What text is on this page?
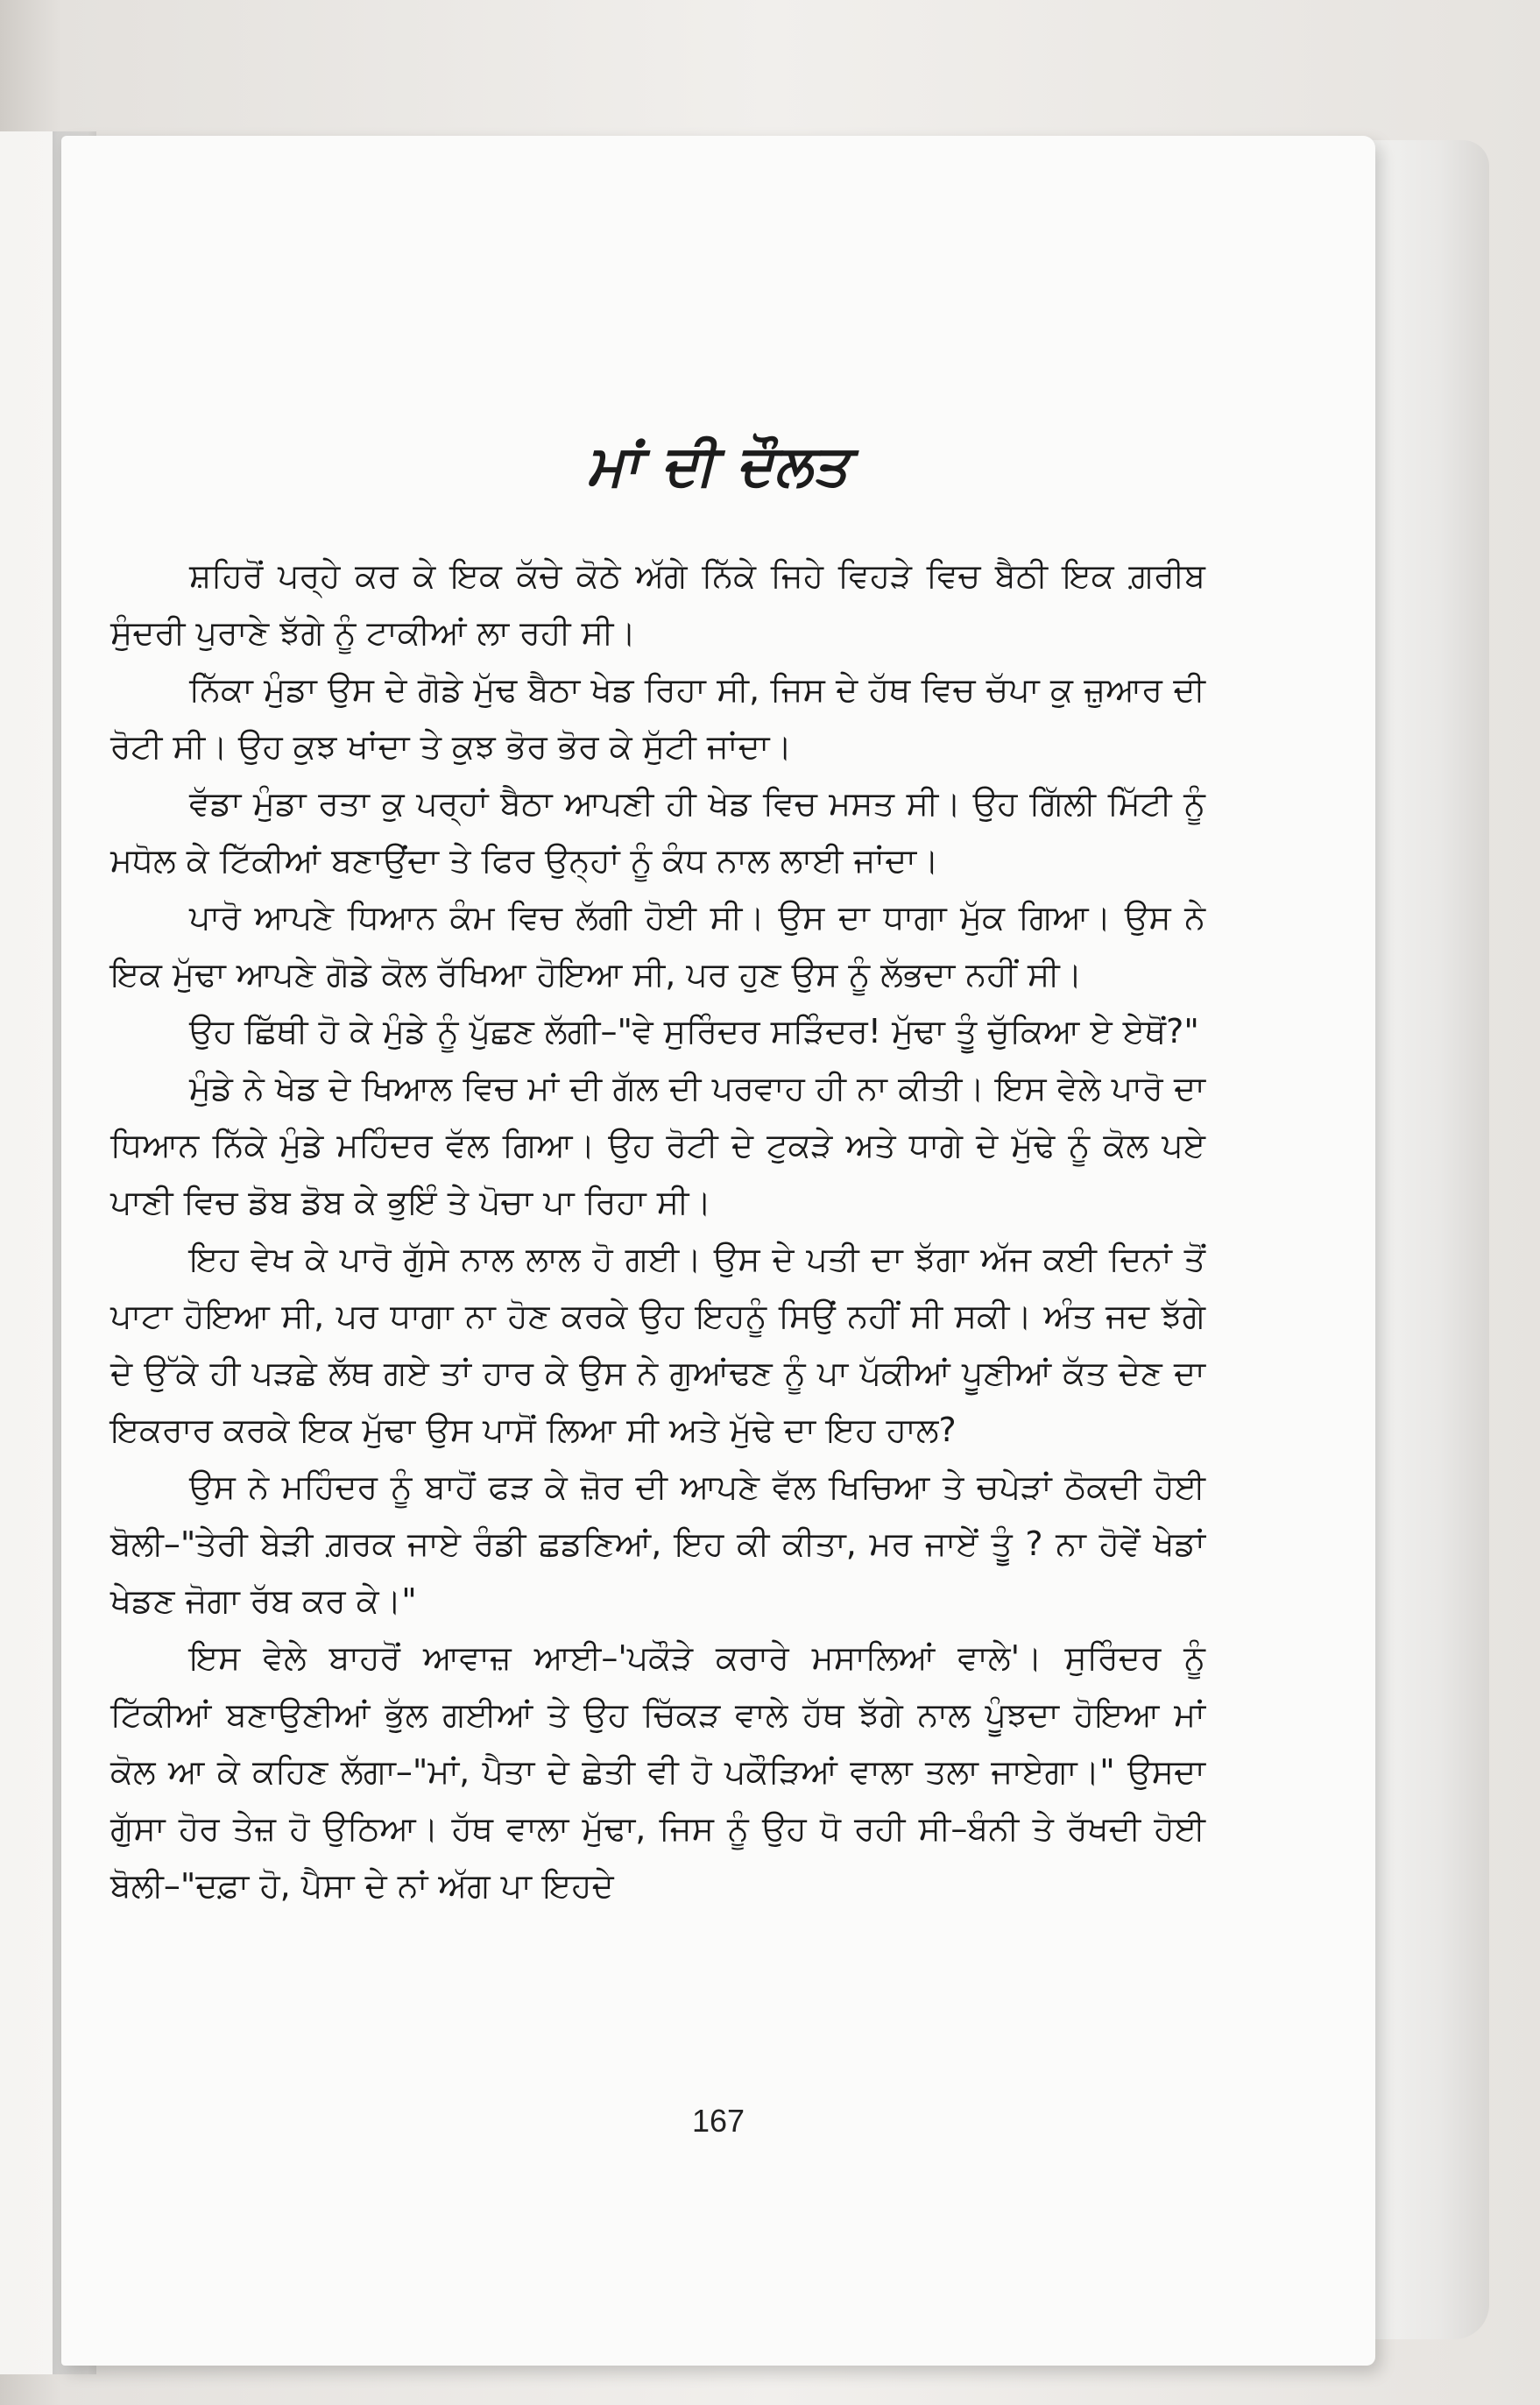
ਮਾਂ ਦੀ ਦੌਲਤ

ਸ਼ਹਿਰੋਂ ਪਰ੍ਹੇ ਕਰ ਕੇ ਇਕ ਕੱਚੇ ਕੋਠੇ ਅੱਗੇ ਨਿੱਕੇ ਜਿਹੇ ਵਿਹੜੇ ਵਿਚ ਬੈਠੀ ਇਕ ਗ਼ਰੀਬ ਸੁੰਦਰੀ ਪੁਰਾਣੇ ਝੱਗੇ ਨੂੰ ਟਾਕੀਆਂ ਲਾ ਰਹੀ ਸੀ।

ਨਿੱਕਾ ਮੁੰਡਾ ਉਸ ਦੇ ਗੋਡੇ ਮੁੱਢ ਬੈਠਾ ਖੇਡ ਰਿਹਾ ਸੀ, ਜਿਸ ਦੇ ਹੱਥ ਵਿਚ ਚੱਪਾ ਕੁ ਜ਼ੁਆਰ ਦੀ ਰੋਟੀ ਸੀ। ਉਹ ਕੁਝ ਖਾਂਦਾ ਤੇ ਕੁਝ ਭੋਰ ਭੋਰ ਕੇ ਸੁੱਟੀ ਜਾਂਦਾ।

ਵੱਡਾ ਮੁੰਡਾ ਰਤਾ ਕੁ ਪਰ੍ਹਾਂ ਬੈਠਾ ਆਪਣੀ ਹੀ ਖੇਡ ਵਿਚ ਮਸਤ ਸੀ। ਉਹ ਗਿੱਲੀ ਮਿੱਟੀ ਨੂੰ ਮਧੋਲ ਕੇ ਟਿੱਕੀਆਂ ਬਣਾਉਂਦਾ ਤੇ ਫਿਰ ਉਨ੍ਹਾਂ ਨੂੰ ਕੰਧ ਨਾਲ ਲਾਈ ਜਾਂਦਾ।

ਪਾਰੋ ਆਪਣੇ ਧਿਆਨ ਕੰਮ ਵਿਚ ਲੱਗੀ ਹੋਈ ਸੀ। ਉਸ ਦਾ ਧਾਗਾ ਮੁੱਕ ਗਿਆ। ਉਸ ਨੇ ਇਕ ਮੁੱਢਾ ਆਪਣੇ ਗੋਡੇ ਕੋਲ ਰੱਖਿਆ ਹੋਇਆ ਸੀ, ਪਰ ਹੁਣ ਉਸ ਨੂੰ ਲੱਭਦਾ ਨਹੀਂ ਸੀ।

ਉਹ ਛਿੱਥੀ ਹੋ ਕੇ ਮੁੰਡੇ ਨੂੰ ਪੁੱਛਣ ਲੱਗੀ–"ਵੇ ਸੁਰਿੰਦਰ ਸੜਿੰਦਰ! ਮੁੱਢਾ ਤੂੰ ਚੁੱਕਿਆ ਏ ਏਥੋਂ?"

ਮੁੰਡੇ ਨੇ ਖੇਡ ਦੇ ਖਿਆਲ ਵਿਚ ਮਾਂ ਦੀ ਗੱਲ ਦੀ ਪਰਵਾਹ ਹੀ ਨਾ ਕੀਤੀ। ਇਸ ਵੇਲੇ ਪਾਰੋ ਦਾ ਧਿਆਨ ਨਿੱਕੇ ਮੁੰਡੇ ਮਹਿੰਦਰ ਵੱਲ ਗਿਆ। ਉਹ ਰੋਟੀ ਦੇ ਟੁਕੜੇ ਅਤੇ ਧਾਗੇ ਦੇ ਮੁੱਢੇ ਨੂੰ ਕੋਲ ਪਏ ਪਾਣੀ ਵਿਚ ਡੋਬ ਡੋਬ ਕੇ ਭੁਇੰ ਤੇ ਪੋਚਾ ਪਾ ਰਿਹਾ ਸੀ।

ਇਹ ਵੇਖ ਕੇ ਪਾਰੋ ਗੁੱਸੇ ਨਾਲ ਲਾਲ ਹੋ ਗਈ। ਉਸ ਦੇ ਪਤੀ ਦਾ ਝੱਗਾ ਅੱਜ ਕਈ ਦਿਨਾਂ ਤੋਂ ਪਾਟਾ ਹੋਇਆ ਸੀ, ਪਰ ਧਾਗਾ ਨਾ ਹੋਣ ਕਰਕੇ ਉਹ ਇਹਨੂੰ ਸਿਉਂ ਨਹੀਂ ਸੀ ਸਕੀ। ਅੰਤ ਜਦ ਝੱਗੇ ਦੇ ਉੱਕੇ ਹੀ ਪੜਛੇ ਲੱਥ ਗਏ ਤਾਂ ਹਾਰ ਕੇ ਉਸ ਨੇ ਗੁਆਂਢਣ ਨੂੰ ਪਾ ਪੱਕੀਆਂ ਪੂਣੀਆਂ ਕੱਤ ਦੇਣ ਦਾ ਇਕਰਾਰ ਕਰਕੇ ਇਕ ਮੁੱਢਾ ਉਸ ਪਾਸੋਂ ਲਿਆ ਸੀ ਅਤੇ ਮੁੱਢੇ ਦਾ ਇਹ ਹਾਲ?

ਉਸ ਨੇ ਮਹਿੰਦਰ ਨੂੰ ਬਾਹੋਂ ਫੜ ਕੇ ਜ਼ੋਰ ਦੀ ਆਪਣੇ ਵੱਲ ਖਿਚਿਆ ਤੇ ਚਪੇੜਾਂ ਠੋਕਦੀ ਹੋਈ ਬੋਲੀ–"ਤੇਰੀ ਬੇੜੀ ਗ਼ਰਕ ਜਾਏ ਰੰਡੀ ਛਡਣਿਆਂ, ਇਹ ਕੀ ਕੀਤਾ, ਮਰ ਜਾਏਂ ਤੂੰ ? ਨਾ ਹੋਵੇਂ ਖੇਡਾਂ ਖੇਡਣ ਜੋਗਾ ਰੱਬ ਕਰ ਕੇ।"

ਇਸ ਵੇਲੇ ਬਾਹਰੋਂ ਆਵਾਜ਼ ਆਈ–'ਪਕੌੜੇ ਕਰਾਰੇ ਮਸਾਲਿਆਂ ਵਾਲੇ'। ਸੁਰਿੰਦਰ ਨੂੰ ਟਿੱਕੀਆਂ ਬਣਾਉਣੀਆਂ ਭੁੱਲ ਗਈਆਂ ਤੇ ਉਹ ਚਿੱਕੜ ਵਾਲੇ ਹੱਥ ਝੱਗੇ ਨਾਲ ਪੂੰਝਦਾ ਹੋਇਆ ਮਾਂ ਕੋਲ ਆ ਕੇ ਕਹਿਣ ਲੱਗਾ–"ਮਾਂ, ਪੈਤਾ ਦੇ ਛੇਤੀ ਵੀ ਹੋ ਪਕੌੜਿਆਂ ਵਾਲਾ ਤਲਾ ਜਾਏਗਾ।" ਉਸਦਾ ਗੁੱਸਾ ਹੋਰ ਤੇਜ਼ ਹੋ ਉਠਿਆ। ਹੱਥ ਵਾਲਾ ਮੁੱਢਾ, ਜਿਸ ਨੂੰ ਉਹ ਧੋ ਰਹੀ ਸੀ–ਬੰਨੀ ਤੇ ਰੱਖਦੀ ਹੋਈ ਬੋਲੀ–"ਦਫ਼ਾ ਹੋ, ਪੈਸਾ ਦੇ ਨਾਂ ਅੱਗ ਪਾ ਇਹਦੇ

167
